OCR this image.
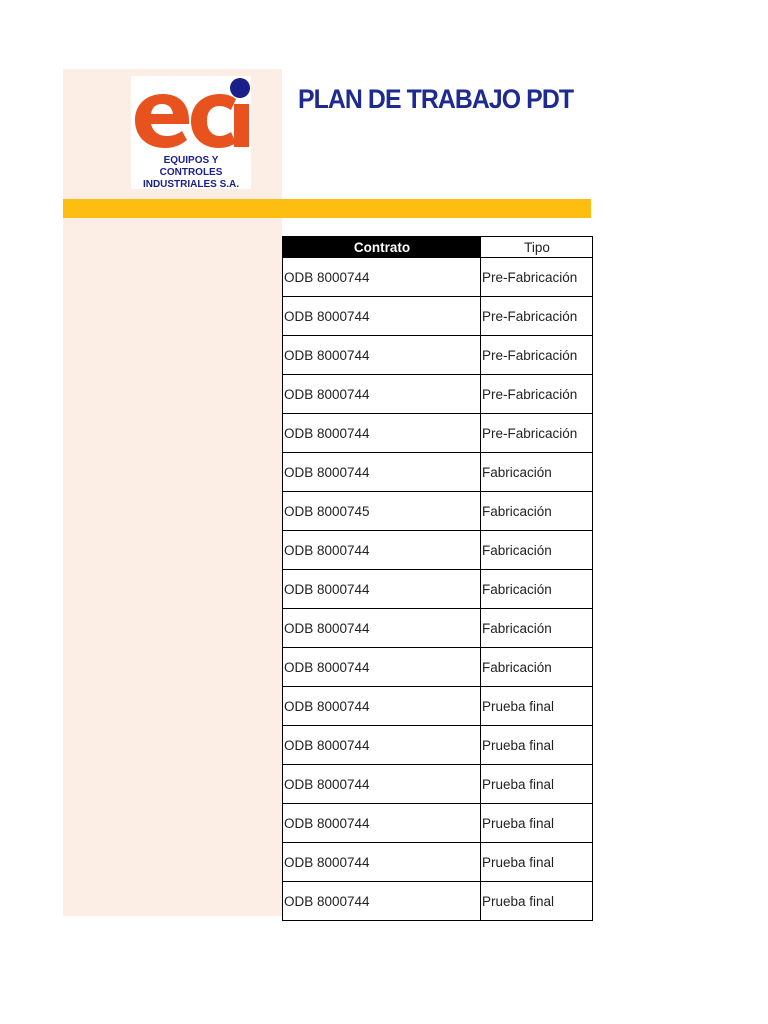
EQUIPOS Y CONTROLES
INDUSTRIALES S.A.
PLAN DE TRABAJO PDT
Contrato	Tipo
ODB 8000744	Pre-Fabricación
ODB 8000744	Pre-Fabricación
ODB 8000744	Pre-Fabricación
ODB 8000744	Pre-Fabricación
ODB 8000744	Pre-Fabricación
ODB 8000744	Fabricación
ODB 8000745	Fabricación
ODB 8000744	Fabricación
ODB 8000744	Fabricación
ODB 8000744	Fabricación
ODB 8000744	Fabricación
ODB 8000744	Prueba final
ODB 8000744	Prueba final
ODB 8000744	Prueba final
ODB 8000744	Prueba final
ODB 8000744	Prueba final
ODB 8000744	Prueba final
